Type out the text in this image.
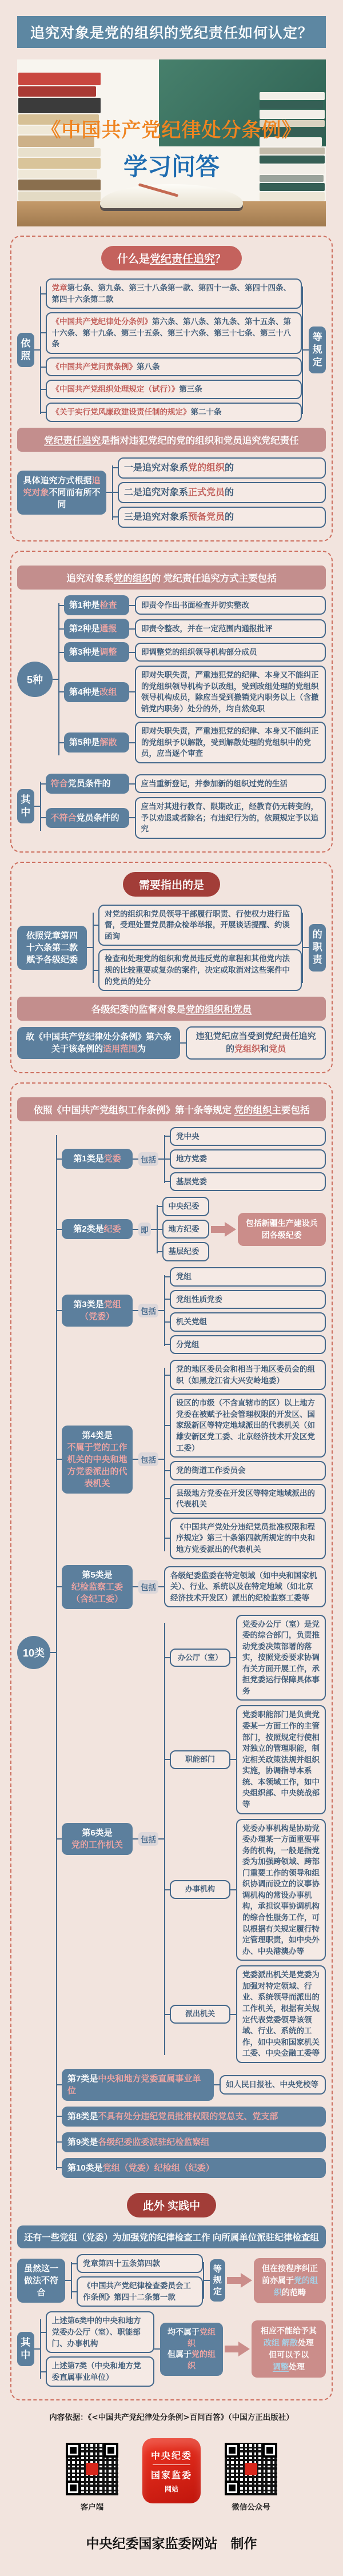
追究对象是党的组织的党纪责任如何认定？
《中国共产党纪律处分条例》
学习问答
什么是党纪责任追究？
依照
党章第七条、第九条、第三十八条第一款、第四十一条、第四十四条、第四十六条第二款
《中国共产党纪律处分条例》第六条、第八条、第九条、第十五条、第十六条、第十九条、第三十五条、第三十六条、第三十七条、第三十八条
《中国共产党问责条例》第八条
《中国共产党组织处理规定（试行）》第三条
《关于实行党风廉政建设责任制的规定》第二十条
等规定
党纪责任追究是指对违犯党纪的党的组织和党员追究党纪责任
具体追究方式根据追究对象不同而有所不同
一是追究对象系党的组织的
二是追究对象系正式党员的
三是追究对象系预备党员的
追究对象系党的组织的 党纪责任追究方式主要包括
5种
第1种是检查	即责令作出书面检查并切实整改
第2种是通报	即责令整改，并在一定范围内通报批评
第3种是调整	即调整党的组织领导机构部分成员
第4种是改组
即对失职失责，严重违犯党的纪律、本身又不能纠正的党组织领导机构予以改组，受到改组处理的党组织领导机构成员，除应当受到撤销党内职务以上（含撤销党内职务）处分的外，均自然免职
第5种是解散
即对失职失责，严重违犯党的纪律、本身又不能纠正的党组织予以解散，受到解散处理的党组织中的党员，应当逐个审查
其中
符合党员条件的	应当重新登记，并参加新的组织过党的生活
不符合党员条件的
应当对其进行教育、限期改正，经教育仍无转变的，予以劝退或者除名；有违纪行为的，依照规定予以追究
需要指出的是
依照党章第四十六条第二款赋予各级纪委
对党的组织和党员领导干部履行职责、行使权力进行监督，受理处置党员群众检举举报，开展谈话提醒、约谈函询
检查和处理党的组织和党员违反党的章程和其他党内法规的比较重要或复杂的案件，决定或取消对这些案件中的党员的处分
的职责
各级纪委的监督对象是党的组织和党员
故《中国共产党纪律处分条例》第六条关于该条例的适用范围为
违犯党纪应当受到党纪责任追究的党组织和党员
依照《中国共产党组织工作条例》第十条等规定 党的组织主要包括
10类
第1类是党委	包括
党中央
地方党委
基层党委
第2类是纪委	即
中央纪委
地方纪委
基层纪委
包括新疆生产建设兵团各级纪委
第3类是党组（党委）
包括
党组
党组性质党委
机关党组
分党组
第4类是
不属于党的工作机关的中央和地方党委派出的代表机关
包括
党的地区委员会和相当于地区委员会的组织（如黑龙江省大兴安岭地委）
设区的市级（不含直辖市的区）以上地方党委在被赋予社会管理权限的开发区、国家级新区等特定地域派出的代表机关（如雄安新区党工委、北京经济技术开发区党工委）
党的街道工作委员会
县级地方党委在开发区等特定地域派出的代表机关
《中国共产党处分违纪党员批准权限和程序规定》第三十条第四款所规定的中央和地方党委派出的代表机关
第5类是
纪检监察工委（含纪工委）
包括
各级纪委监委在特定领域（如中央和国家机关）、行业、系统以及在特定地域（如北京经济技术开发区）派出的纪检监察工委等
第6类是
党的工作机关
包括
办公厅（室）
党委办公厅（室）是党委的综合部门，负责推动党委决策部署的落实，按照党委要求协调有关方面开展工作，承担党委运行保障具体事务
职能部门
党委职能部门是负责党委某一方面工作的主管部门，按照规定行使相对独立的管理职能，制定相关政策法规并组织实施，协调指导本系统、本领域工作，如中央组织部、中央统战部等
办事机构
党委办事机构是协助党委办理某一方面重要事务的机构，一般是指党委为加强跨领域、跨部门重要工作的领导和组织协调而设立的议事协调机构的常设办事机构，承担议事协调机构的综合性服务工作，可以根据有关规定履行特定管理职责，如中央外办、中央港澳办等
派出机关
党委派出机关是党委为加强对特定领域、行业、系统领导而派出的工作机关，根据有关规定代表党委领导该领域、行业、系统的工作，如中央和国家机关工委、中央金融工委等
第7类是中央和地方党委直属事业单位
如人民日报社、中央党校等
第8类是不具有处分违纪党员批准权限的党总支、党支部
第9类是各级纪委监委派驻纪检监察组
第10类是党组（党委）纪检组（纪委）
此外 实践中
还有一些党组（党委）为加强党的纪律检查工作 向所属单位派驻纪律检查组
虽然这一做法不符合
党章第四十五条第四款
《中国共产党纪律检查委员会工作条例》第四十二条第一款
等规定
但在按程序纠正前亦属于党的组织的范畴
其中
上述第6类中的中央和地方党委办公厅（室）、职能部门、办事机构
上述第7类（中央和地方党委直属事业单位）
均不属于党组织
但属于党的组织
相应不能给予其
改组 解散处理
但可以予以
调整处理
内容依据：《<中国共产党纪律处分条例>百问百答》（中国方正出版社）
客户端
中央纪委
国家监委
网站
微信公众号
中央纪委国家监委网站　制作
